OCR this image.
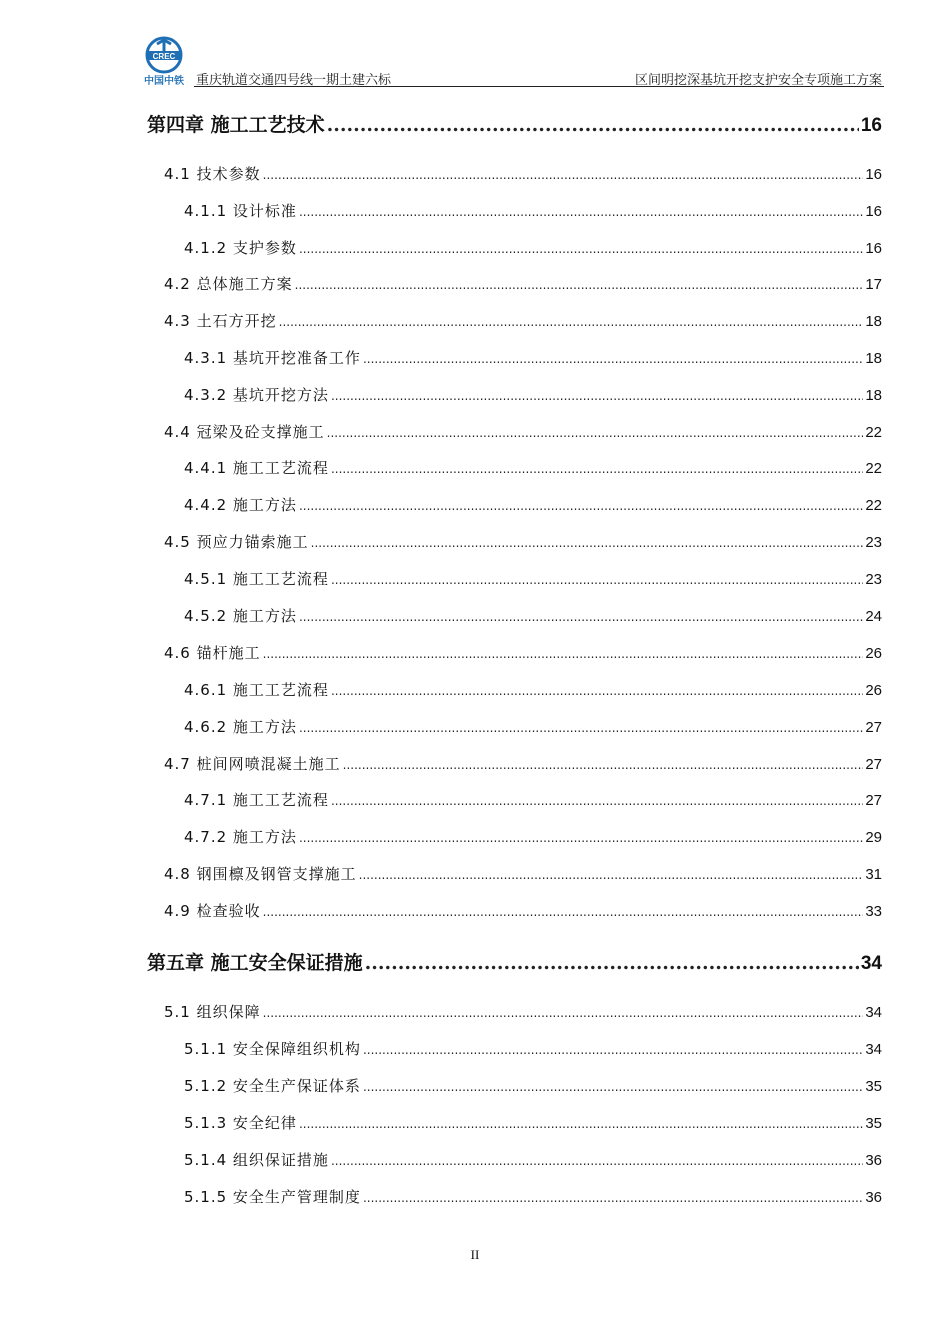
CREC
中国中铁 重庆轨道交通四号线一期土建六标	区间明挖深基坑开挖支护安全专项施工方案
第四章 施工工艺技术 .....	16
4.1 技术参数 .....	16
4.1.1 设计标准 .....	16
4.1.2 支护参数 .....	16
4.2 总体施工方案 .....	17
4.3 土石方开挖 .....	18
4.3.1 基坑开挖准备工作 .....	18
4.3.2 基坑开挖方法 .....	18
4.4 冠梁及砼支撑施工 .....	22
4.4.1 施工工艺流程 .....	22
4.4.2 施工方法 .....	22
4.5 预应力锚索施工 .....	23
4.5.1 施工工艺流程 .....	23
4.5.2 施工方法 .....	24
4.6 锚杆施工 .....	26
4.6.1 施工工艺流程 .....	26
4.6.2 施工方法 .....	27
4.7 桩间网喷混凝土施工 .....	27
4.7.1 施工工艺流程 .....	27
4.7.2 施工方法 .....	29
4.8 钢围檩及钢管支撑施工 .....	31
4.9 检查验收 .....	33
第五章 施工安全保证措施 .....	34
5.1 组织保障 .....	34
5.1.1 安全保障组织机构 .....	34
5.1.2 安全生产保证体系 .....	35
5.1.3 安全纪律 .....	35
5.1.4 组织保证措施 .....	36
5.1.5 安全生产管理制度 .....	36
II
